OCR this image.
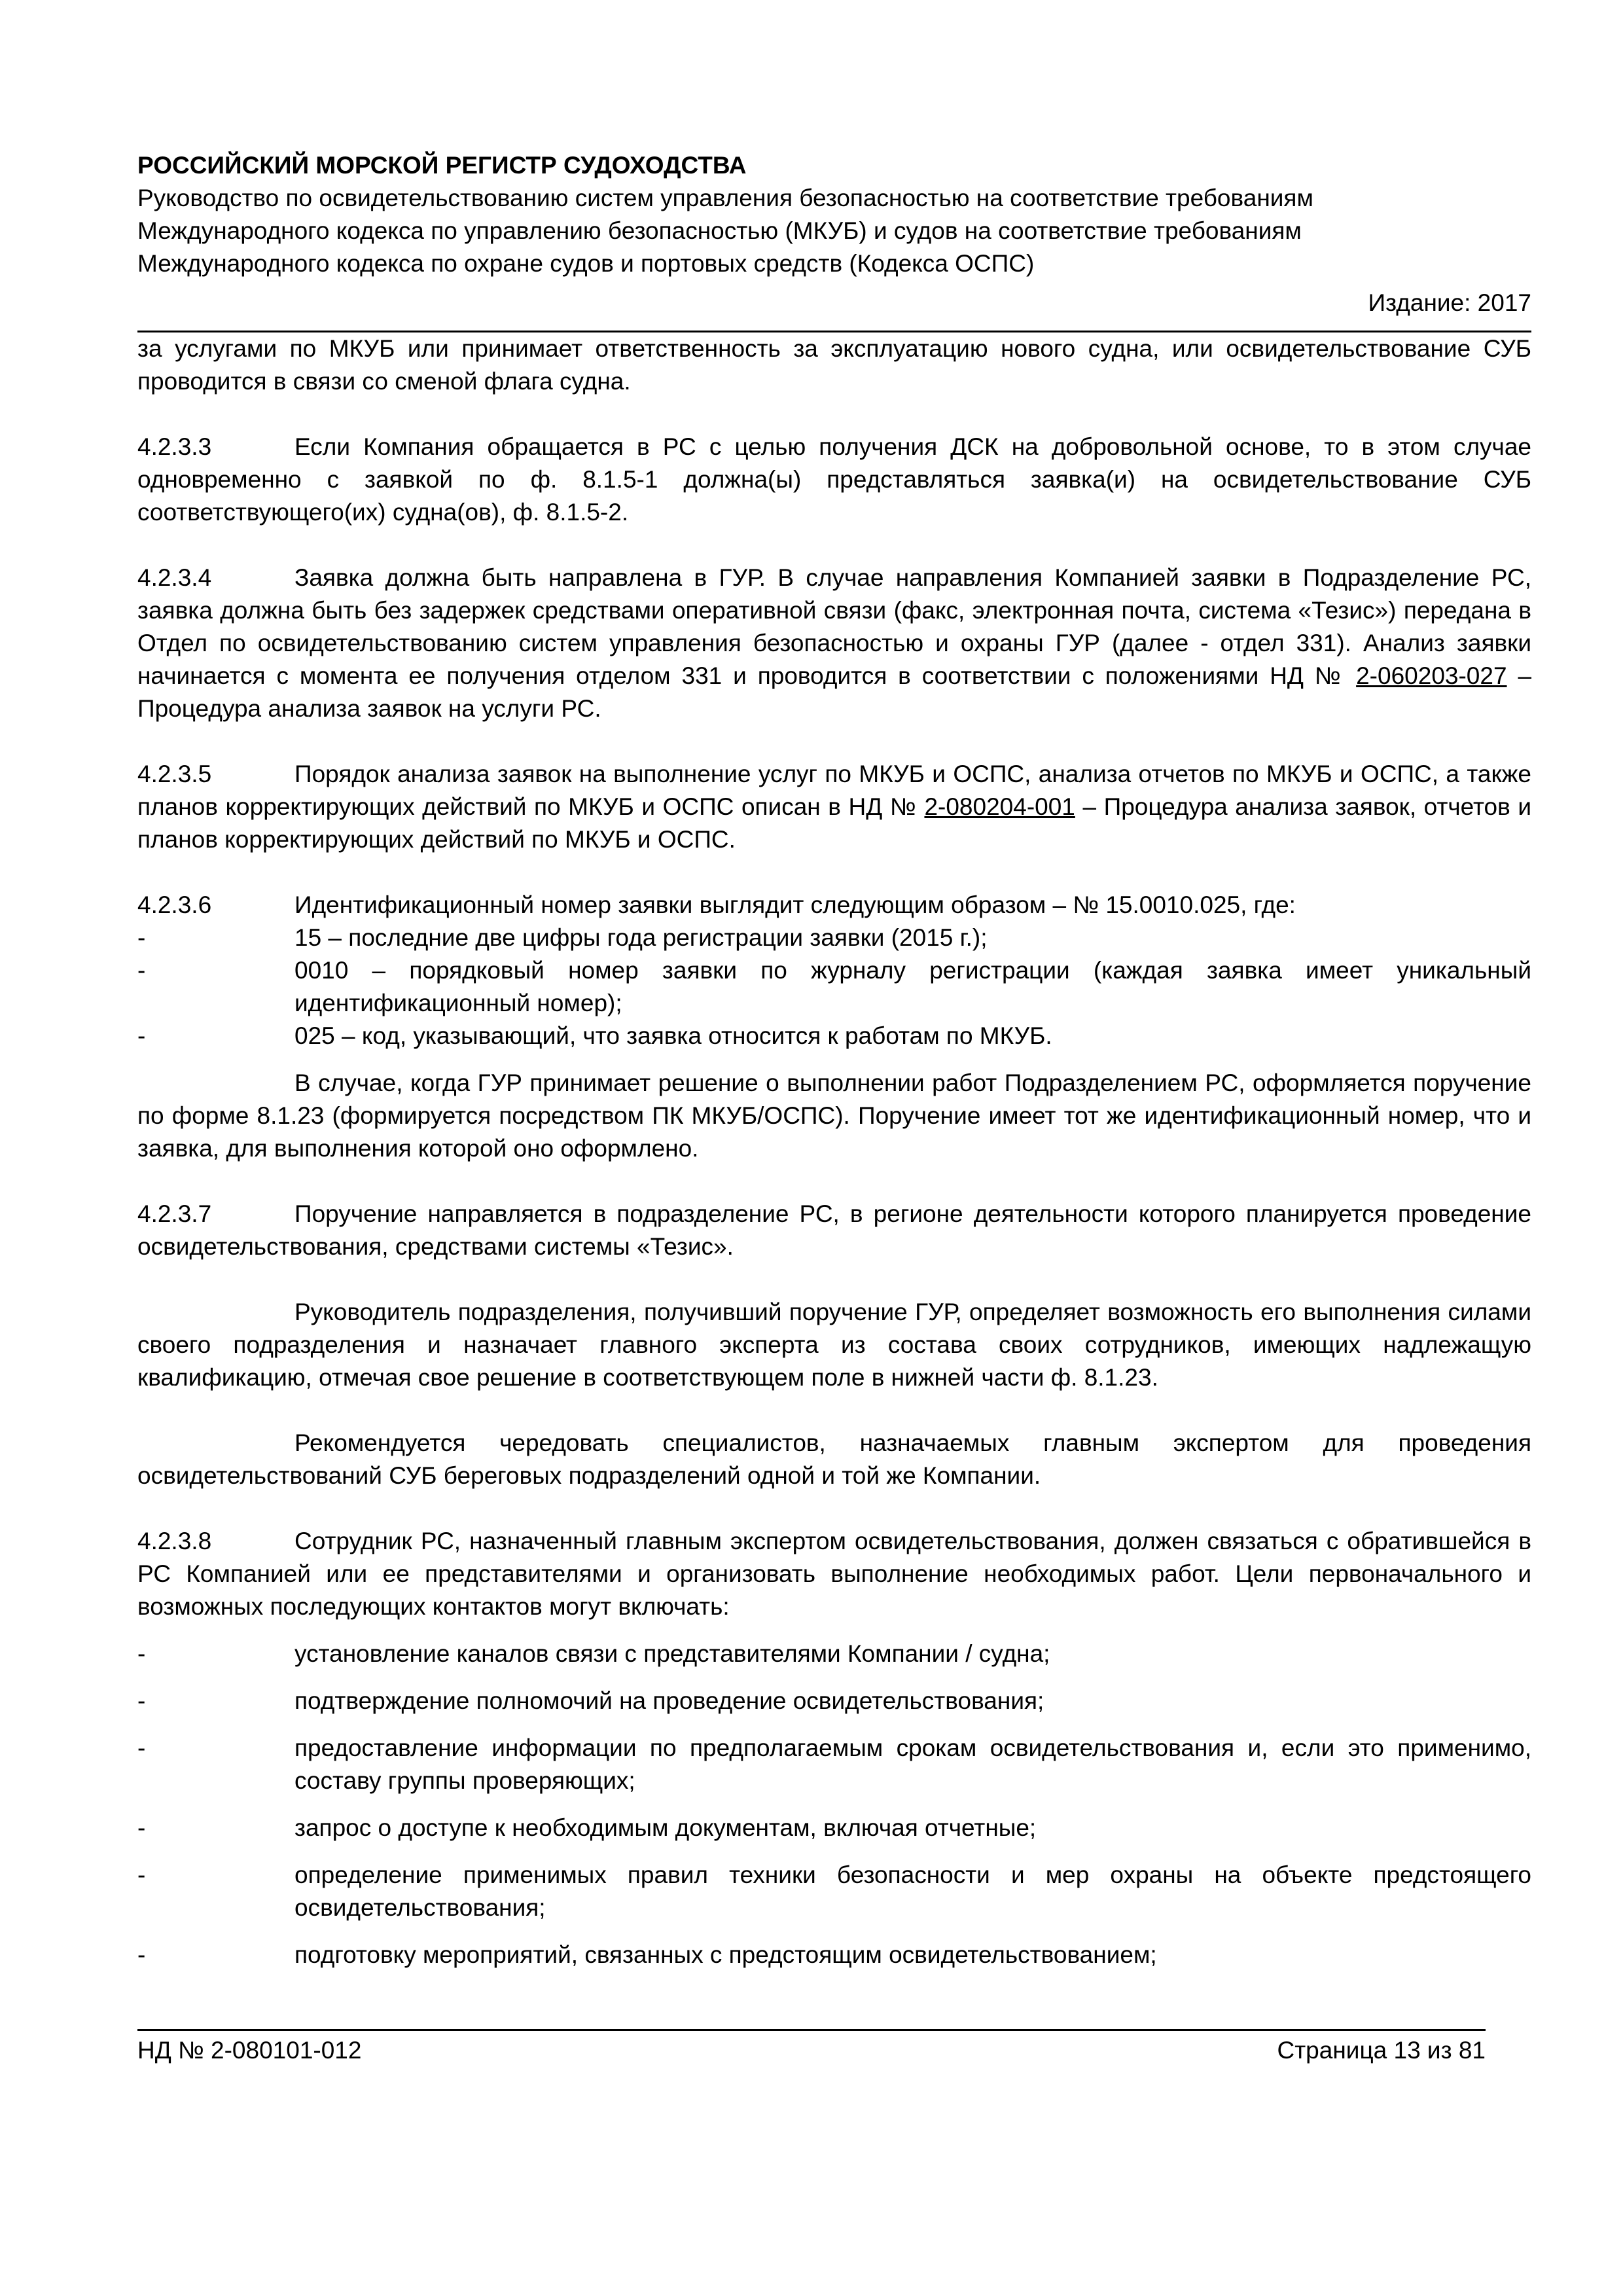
РОССИЙСКИЙ МОРСКОЙ РЕГИСТР СУДОХОДСТВА
Руководство по освидетельствованию систем управления безопасностью на соответствие требованиям
Международного кодекса по управлению безопасностью (МКУБ) и судов на соответствие требованиям
Международного кодекса по охране судов и портовых средств (Кодекса ОСПС)
Издание: 2017

за услугами по МКУБ или принимает ответственность за эксплуатацию нового судна, или освидетельствование СУБ проводится в связи со сменой флага судна.

4.2.3.3	Если Компания обращается в РС с целью получения ДСК на добровольной основе, то в этом случае одновременно с заявкой по ф. 8.1.5-1 должна(ы) представляться заявка(и) на освидетельствование СУБ соответствующего(их) судна(ов), ф. 8.1.5-2.

4.2.3.4	Заявка должна быть направлена в ГУР. В случае направления Компанией заявки в Подразделение РС, заявка должна быть без задержек средствами оперативной связи (факс, электронная почта, система «Тезис») передана в Отдел по освидетельствованию систем управления безопасностью и охраны ГУР (далее - отдел 331). Анализ заявки начинается с момента ее получения отделом 331 и проводится в соответствии с положениями НД № 2-060203-027 – Процедура анализа заявок на услуги РС.

4.2.3.5	Порядок анализа заявок на выполнение услуг по МКУБ и ОСПС, анализа отчетов по МКУБ и ОСПС, а также планов корректирующих действий по МКУБ и ОСПС описан в НД № 2-080204-001 – Процедура анализа заявок, отчетов и планов корректирующих действий по МКУБ и ОСПС.

4.2.3.6	Идентификационный номер заявки выглядит следующим образом – № 15.0010.025, где:

-	15 – последние две цифры года регистрации заявки (2015 г.);
-	0010 – порядковый номер заявки по журналу регистрации (каждая заявка имеет уникальный идентификационный номер);
-	025 – код, указывающий, что заявка относится к работам по МКУБ.

В случае, когда ГУР принимает решение о выполнении работ Подразделением РС, оформляется поручение по форме 8.1.23 (формируется посредством ПК МКУБ/ОСПС). Поручение имеет тот же идентификационный номер, что и заявка, для выполнения которой оно оформлено.

4.2.3.7	Поручение направляется в подразделение РС, в регионе деятельности которого планируется проведение освидетельствования, средствами системы «Тезис».

Руководитель подразделения, получивший поручение ГУР, определяет возможность его выполнения силами своего подразделения и назначает главного эксперта из состава своих сотрудников, имеющих надлежащую квалификацию, отмечая свое решение в соответствующем поле в нижней части ф. 8.1.23.

Рекомендуется чередовать специалистов, назначаемых главным экспертом для проведения освидетельствований СУБ береговых подразделений одной и той же Компании.

4.2.3.8	Сотрудник РС, назначенный главным экспертом освидетельствования, должен связаться с обратившейся в РС Компанией или ее представителями и организовать выполнение необходимых работ. Цели первоначального и возможных последующих контактов могут включать:

-	установление каналов связи с представителями Компании / судна;
-	подтверждение полномочий на проведение освидетельствования;
-	предоставление информации по предполагаемым срокам освидетельствования и, если это применимо, составу группы проверяющих;
-	запрос о доступе к необходимым документам, включая отчетные;
-	определение применимых правил техники безопасности и мер охраны на объекте предстоящего освидетельствования;
-	подготовку мероприятий, связанных с предстоящим освидетельствованием;
НД № 2-080101-012	Страница 13 из 81
